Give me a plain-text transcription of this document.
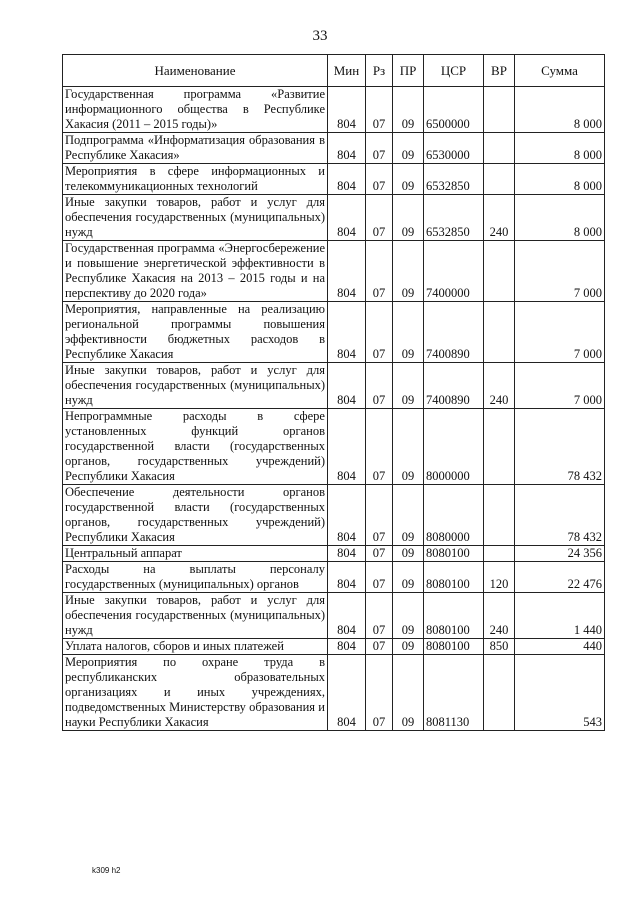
33
Наименование	Мин	Рз	ПР	ЦСР	ВР	Сумма
Государственная программа «Развитие информационного общества в Республике Хакасия (2011 – 2015 годы)»	804	07	09	6500000		8 000
Подпрограмма «Информатизация образования в Республике Хакасия»	804	07	09	6530000		8 000
Мероприятия в сфере информационных и телекоммуникационных технологий	804	07	09	6532850		8 000
Иные закупки товаров, работ и услуг для обеспечения государственных (муниципальных) нужд	804	07	09	6532850	240	8 000
Государственная программа «Энергосбережение и повышение энергетической эффективности в Республике Хакасия на 2013 – 2015 годы и на перспективу до 2020 года»	804	07	09	7400000		7 000
Мероприятия, направленные на реализацию региональной программы повышения эффективности бюджетных расходов в Республике Хакасия	804	07	09	7400890		7 000
Иные закупки товаров, работ и услуг для обеспечения государственных (муниципальных) нужд	804	07	09	7400890	240	7 000
Непрограммные расходы в сфере установленных функций органов государственной власти (государственных органов, государственных учреждений) Республики Хакасия	804	07	09	8000000		78 432
Обеспечение деятельности органов государственной власти (государственных органов, государственных учреждений) Республики Хакасия	804	07	09	8080000		78 432
Центральный аппарат	804	07	09	8080100		24 356
Расходы на выплаты персоналу государственных (муниципальных) органов	804	07	09	8080100	120	22 476
Иные закупки товаров, работ и услуг для обеспечения государственных (муниципальных) нужд	804	07	09	8080100	240	1 440
Уплата налогов, сборов и иных платежей	804	07	09	8080100	850	440
Мероприятия по охране труда в республиканских образовательных организациях и иных учреждениях, подведомственных Министерству образования и науки Республики Хакасия	804	07	09	8081130		543
k309 h2
